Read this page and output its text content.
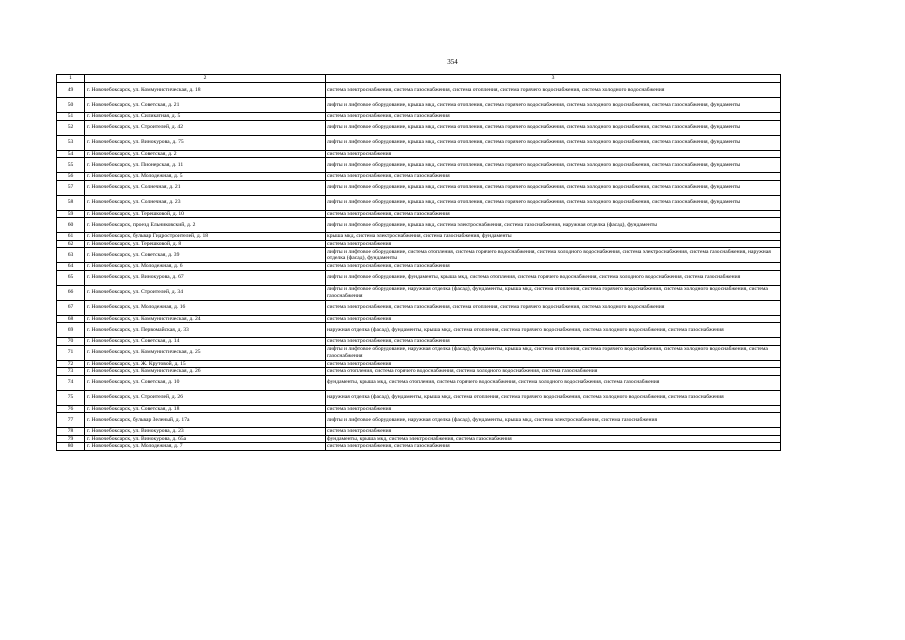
354
1	2	3
49	г. Новочебоксарск, ул. Коммунистическая, д. 18	система электроснабжения, система газоснабжения, система отопления, система горячего водоснабжения, система холодного водоснабжения
50	г. Новочебоксарск, ул. Советская, д. 21	лифты и лифтовое оборудование, крыша мкд, система отопления, система горячего водоснабжения, система холодного водоснабжения, система газоснабжения, фундаменты
51	г. Новочебоксарск, ул. Силикатная, д. 5	система электроснабжения, система газоснабжения
52	г. Новочебоксарск, ул. Строителей, д. 42	лифты и лифтовое оборудование, крыша мкд, система отопления, система горячего водоснабжения, система холодного водоснабжения, система газоснабжения, фундаменты
53	г. Новочебоксарск, ул. Винокурова, д. 75	лифты и лифтовое оборудование, крыша мкд, система отопления, система горячего водоснабжения, система холодного водоснабжения, система газоснабжения, фундаменты
54	г. Новочебоксарск, ул. Советская, д. 2	система электроснабжения
55	г. Новочебоксарск, ул. Пионерская, д. 11	лифты и лифтовое оборудование, крыша мкд, система отопления, система горячего водоснабжения, система холодного водоснабжения, система газоснабжения, фундаменты
56	г. Новочебоксарск, ул. Молодежная, д. 5	система электроснабжения, система газоснабжения
57	г. Новочебоксарск, ул. Солнечная, д. 21	лифты и лифтовое оборудование, крыша мкд, система отопления, система горячего водоснабжения, система холодного водоснабжения, система газоснабжения, фундаменты
58	г. Новочебоксарск, ул. Солнечная, д. 23	лифты и лифтовое оборудование, крыша мкд, система отопления, система горячего водоснабжения, система холодного водоснабжения, система газоснабжения, фундаменты
59	г. Новочебоксарск, ул. Терешковой, д. 10	система электроснабжения, система газоснабжения
60	г. Новочебоксарск, проезд Ельниковский, д. 2	лифты и лифтовое оборудование, крыша мкд, система электроснабжения, система газоснабжения, наружная отделка (фасад), фундаменты
61	г. Новочебоксарск, бульвар Гидростроителей, д. 18	крыша мкд, система электроснабжения, система газоснабжения, фундаменты
62	г. Новочебоксарск, ул. Терешковой, д. 8	система электроснабжения
63	г. Новочебоксарск, ул. Советская, д. 39	лифты и лифтовое оборудование, система отопления, система горячего водоснабжения, система холодного водоснабжения, система электроснабжения, система газоснабжения, наружная отделка (фасад), фундаменты
64	г. Новочебоксарск, ул. Молодежная, д. 6	система электроснабжения, система газоснабжения
65	г. Новочебоксарск, ул. Винокурова, д. 67	лифты и лифтовое оборудование, фундаменты, крыша мкд, система отопления, система горячего водоснабжения, система холодного водоснабжения, система газоснабжения
66	г. Новочебоксарск, ул. Строителей, д. 34	лифты и лифтовое оборудование, наружная отделка (фасад), фундаменты, крыша мкд, система отопления, система горячего водоснабжения, система холодного водоснабжения, система газоснабжения
67	г. Новочебоксарск, ул. Молодежная, д. 16	система электроснабжения, система газоснабжения, система отопления, система горячего водоснабжения, система холодного водоснабжения
68	г. Новочебоксарск, ул. Коммунистическая, д. 24	система электроснабжения
69	г. Новочебоксарск, ул. Первомайская, д. 33	наружная отделка (фасад), фундаменты, крыша мкд, система отопления, система горячего водоснабжения, система холодного водоснабжения, система газоснабжения
70	г. Новочебоксарск, ул. Советская, д. 14	система электроснабжения, система газоснабжения
71	г. Новочебоксарск, ул. Коммунистическая, д. 25	лифты и лифтовое оборудование, наружная отделка (фасад), фундаменты, крыша мкд, система отопления, система горячего водоснабжения, система холодного водоснабжения, система газоснабжения
72	г. Новочебоксарск, ул. Ж. Крутовой, д. 15	система электроснабжения
73	г. Новочебоксарск, ул. Коммунистическая, д. 26	система отопления, система горячего водоснабжения, система холодного водоснабжения, система газоснабжения
74	г. Новочебоксарск, ул. Советская, д. 10	фундаменты, крыша мкд, система отопления, система горячего водоснабжения, система холодного водоснабжения, система газоснабжения
75	г. Новочебоксарск, ул. Строителей, д. 26	наружная отделка (фасад), фундаменты, крыша мкд, система отопления, система горячего водоснабжения, система холодного водоснабжения, система газоснабжения
76	г. Новочебоксарск, ул. Советская, д. 18	система электроснабжения
77	г. Новочебоксарск, бульвар Зеленый, д. 17а	лифты и лифтовое оборудование, наружная отделка (фасад), фундаменты, крыша мкд, система электроснабжения, система газоснабжения
78	г. Новочебоксарск, ул. Винокурова, д. 23	система электроснабжения
79	г. Новочебоксарск, ул. Винокурова, д. 65а	фундаменты, крыша мкд, система электроснабжения, система газоснабжения
80	г. Новочебоксарск, ул. Молодежная, д. 7	система электроснабжения, система газоснабжения
